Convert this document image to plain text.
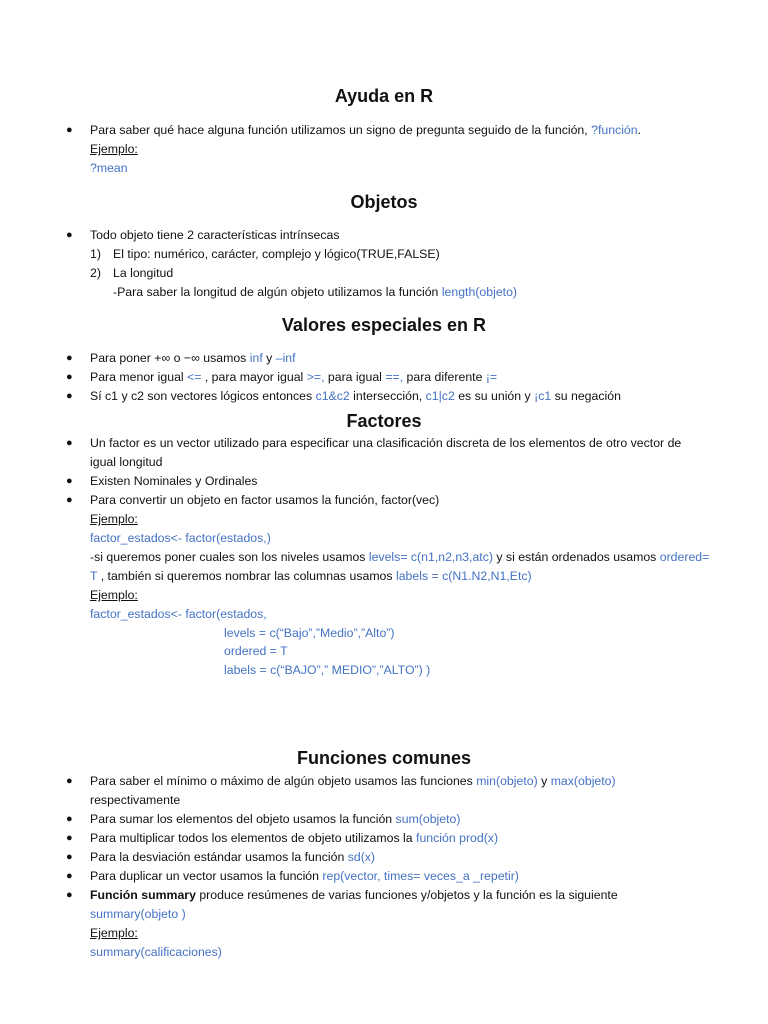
Ayuda en R
● Para saber qué hace alguna función utilizamos un signo de pregunta seguido de la función, ?función.
Ejemplo:
?mean
Objetos
● Todo objeto tiene 2 características intrínsecas
1) El tipo: numérico, carácter, complejo y lógico(TRUE,FALSE)
2) La longitud
-Para saber la longitud de algún objeto utilizamos la función length(objeto)
Valores especiales en R
● Para poner +∞ o −∞ usamos inf y –inf
● Para menor igual <= , para mayor igual >=, para igual ==, para diferente ¡=
● Sí c1 y c2 son vectores lógicos entonces c1&c2 intersección, c1|c2 es su unión y ¡c1 su negación
Factores
● Un factor es un vector utilizado para especificar una clasificación discreta de los elementos de otro vector de
igual longitud
● Existen Nominales y Ordinales
● Para convertir un objeto en factor usamos la función, factor(vec)
Ejemplo:
factor_estados<- factor(estados,)
-si queremos poner cuales son los niveles usamos levels= c(n1,n2,n3,atc) y si están ordenados usamos ordered=
T , también si queremos nombrar las columnas usamos labels = c(N1.N2,N1,Etc)
Ejemplo:
factor_estados<- factor(estados,
levels = c(“Bajo”,”Medio”,”Alto”)
ordered = T
labels = c(“BAJO”,” MEDIO”,”ALTO”) )
Funciones comunes
● Para saber el mínimo o máximo de algún objeto usamos las funciones min(objeto) y max(objeto)
respectivamente
● Para sumar los elementos del objeto usamos la función sum(objeto)
● Para multiplicar todos los elementos de objeto utilizamos la función prod(x)
● Para la desviación estándar usamos la función sd(x)
● Para duplicar un vector usamos la función rep(vector, times= veces_a _repetir)
● Función summary produce resúmenes de varias funciones y/objetos y la función es la siguiente
summary(objeto )
Ejemplo:
summary(calificaciones)
